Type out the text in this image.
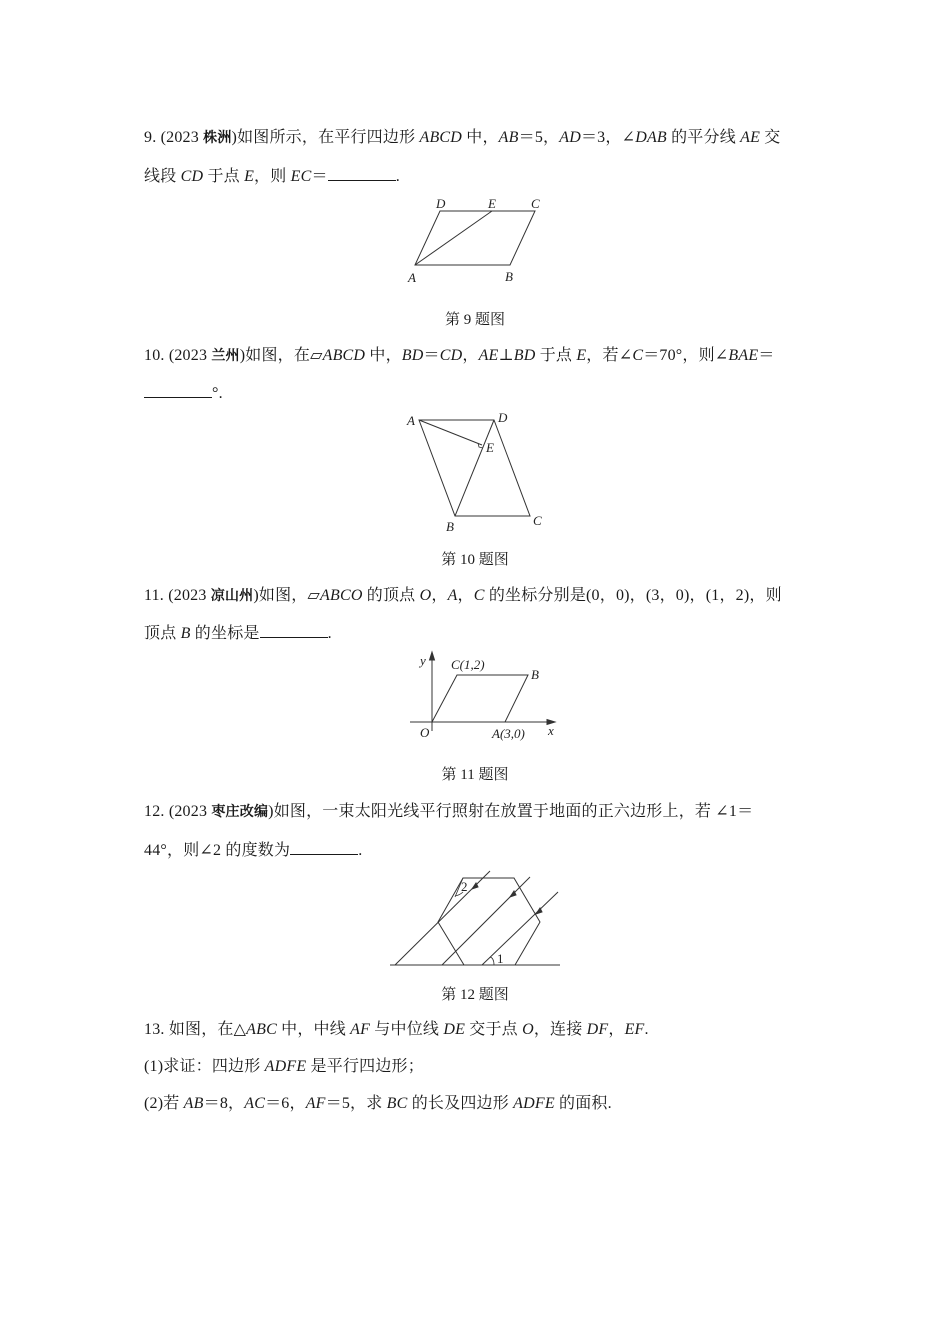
9. (2023 株洲)如图所示，在平行四边形 ABCD 中，AB＝5，AD＝3，∠DAB 的平分线 AE 交
线段 CD 于点 E，则 EC＝	.
D	E	C
A	B
A	D
E
B	C
y
x
O
C(1,2)
B
A(3,0)
2
1
第 9 题图
10. (2023 兰州)如图，在▱ABCD 中，BD＝CD，AE⊥BD 于点 E，若∠C＝70°，则∠BAE＝
°.
第 10 题图
11. (2023 凉山州)如图，▱ABCO 的顶点 O，A，C 的坐标分别是(0，0)，(3，0)，(1，2)，则
顶点 B 的坐标是	.
第 11 题图
12. (2023 枣庄改编)如图，一束太阳光线平行照射在放置于地面的正六边形上，若 ∠1＝
44°，则∠2 的度数为	.
第 12 题图
13. 如图，在△ABC 中，中线 AF 与中位线 DE 交于点 O，连接 DF，EF.
(1)求证：四边形 ADFE 是平行四边形；
(2)若 AB＝8，AC＝6，AF＝5，求 BC 的长及四边形 ADFE 的面积.
